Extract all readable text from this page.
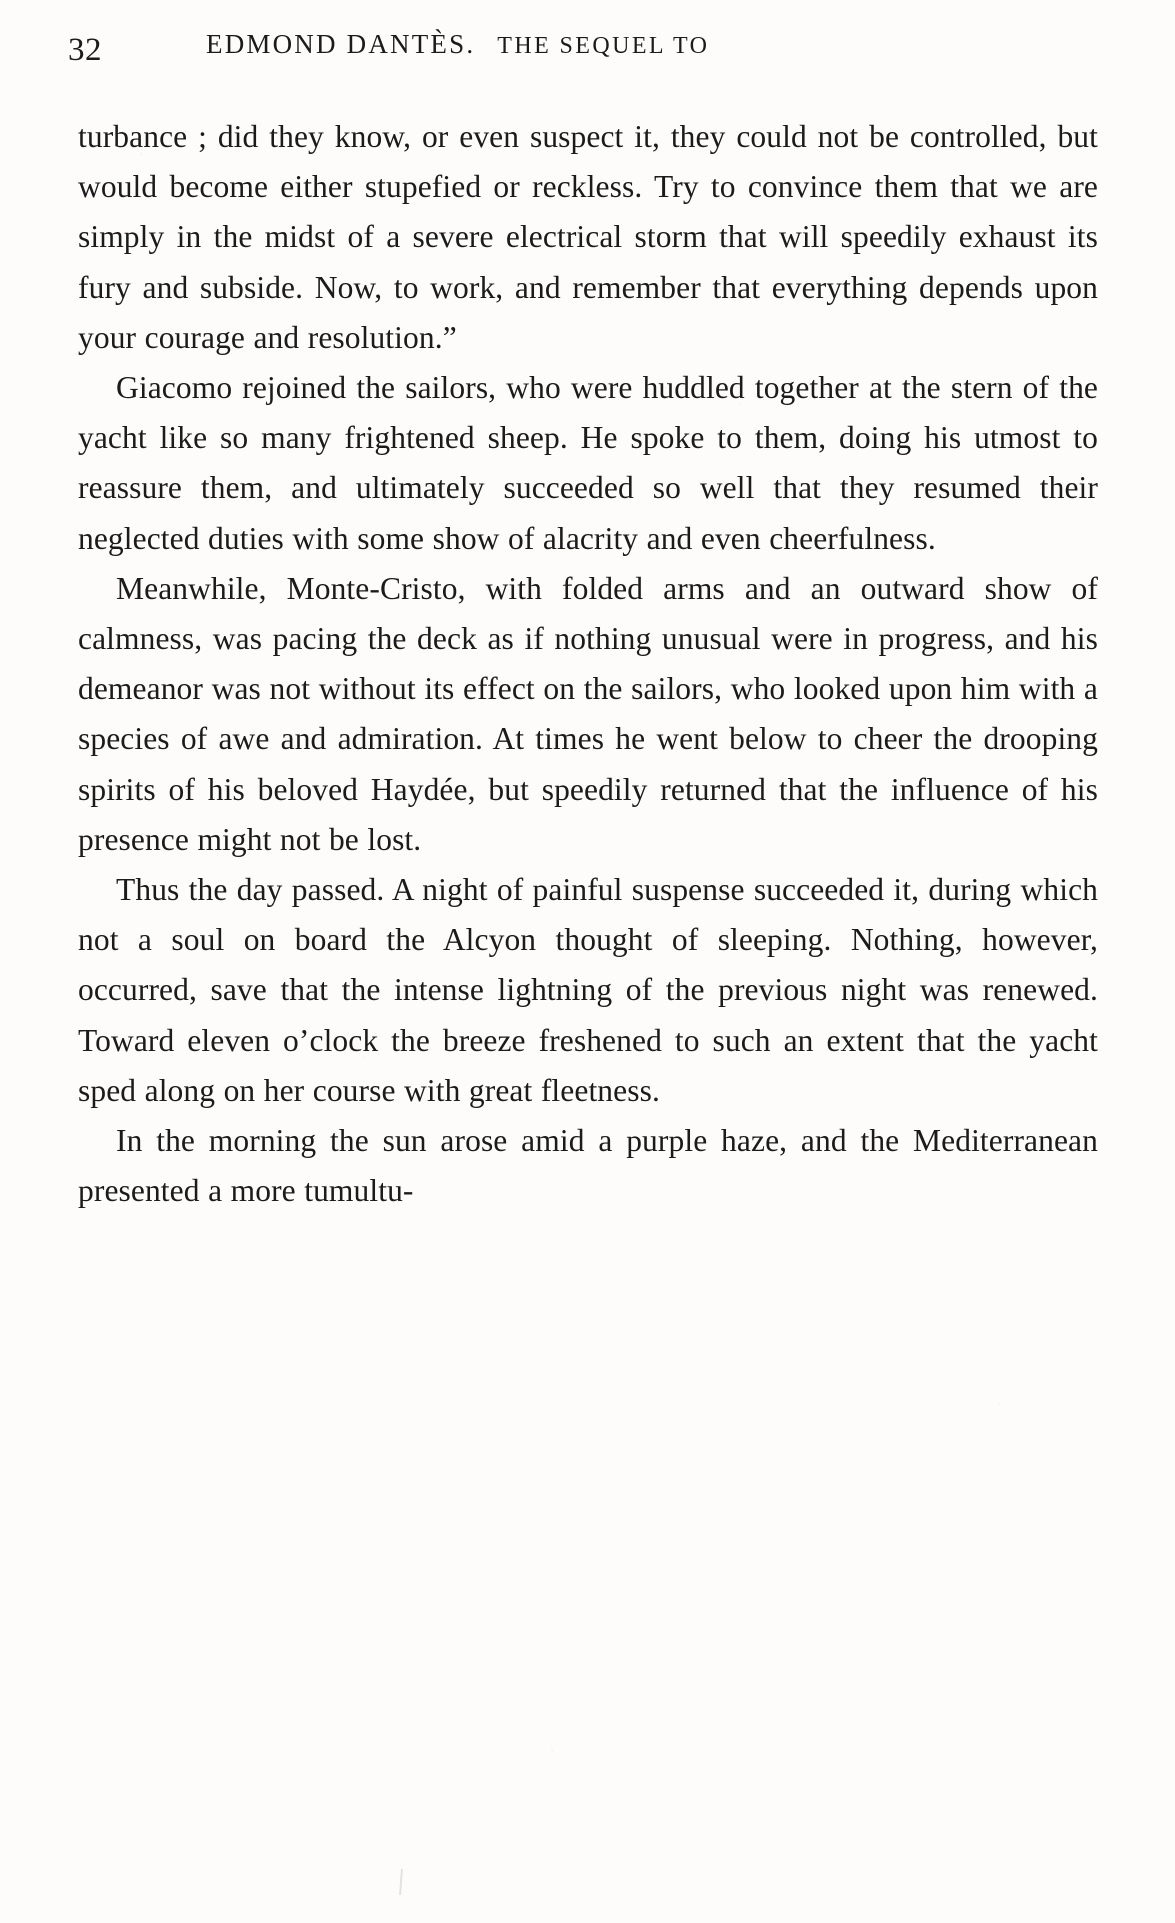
32	EDMOND DANTÈS. THE SEQUEL TO

turbance ; did they know, or even suspect it, they could not be controlled, but would become either stupefied or reckless. Try to convince them that we are simply in the midst of a severe electrical storm that will speedily exhaust its fury and subside. Now, to work, and remember that everything depends upon your courage and resolution.”

Giacomo rejoined the sailors, who were huddled together at the stern of the yacht like so many frightened sheep. He spoke to them, doing his utmost to reassure them, and ultimately succeeded so well that they resumed their neglected duties with some show of alacrity and even cheerfulness.

Meanwhile, Monte-Cristo, with folded arms and an outward show of calmness, was pacing the deck as if nothing unusual were in progress, and his demeanor was not without its effect on the sailors, who looked upon him with a species of awe and admiration. At times he went below to cheer the drooping spirits of his beloved Haydée, but speedily returned that the influence of his presence might not be lost.

Thus the day passed. A night of painful suspense succeeded it, during which not a soul on board the Alcyon thought of sleeping. Nothing, however, occurred, save that the intense lightning of the previous night was renewed. Toward eleven o’clock the breeze freshened to such an extent that the yacht sped along on her course with great fleetness.

In the morning the sun arose amid a purple haze, and the Mediterranean presented a more tumultu-
